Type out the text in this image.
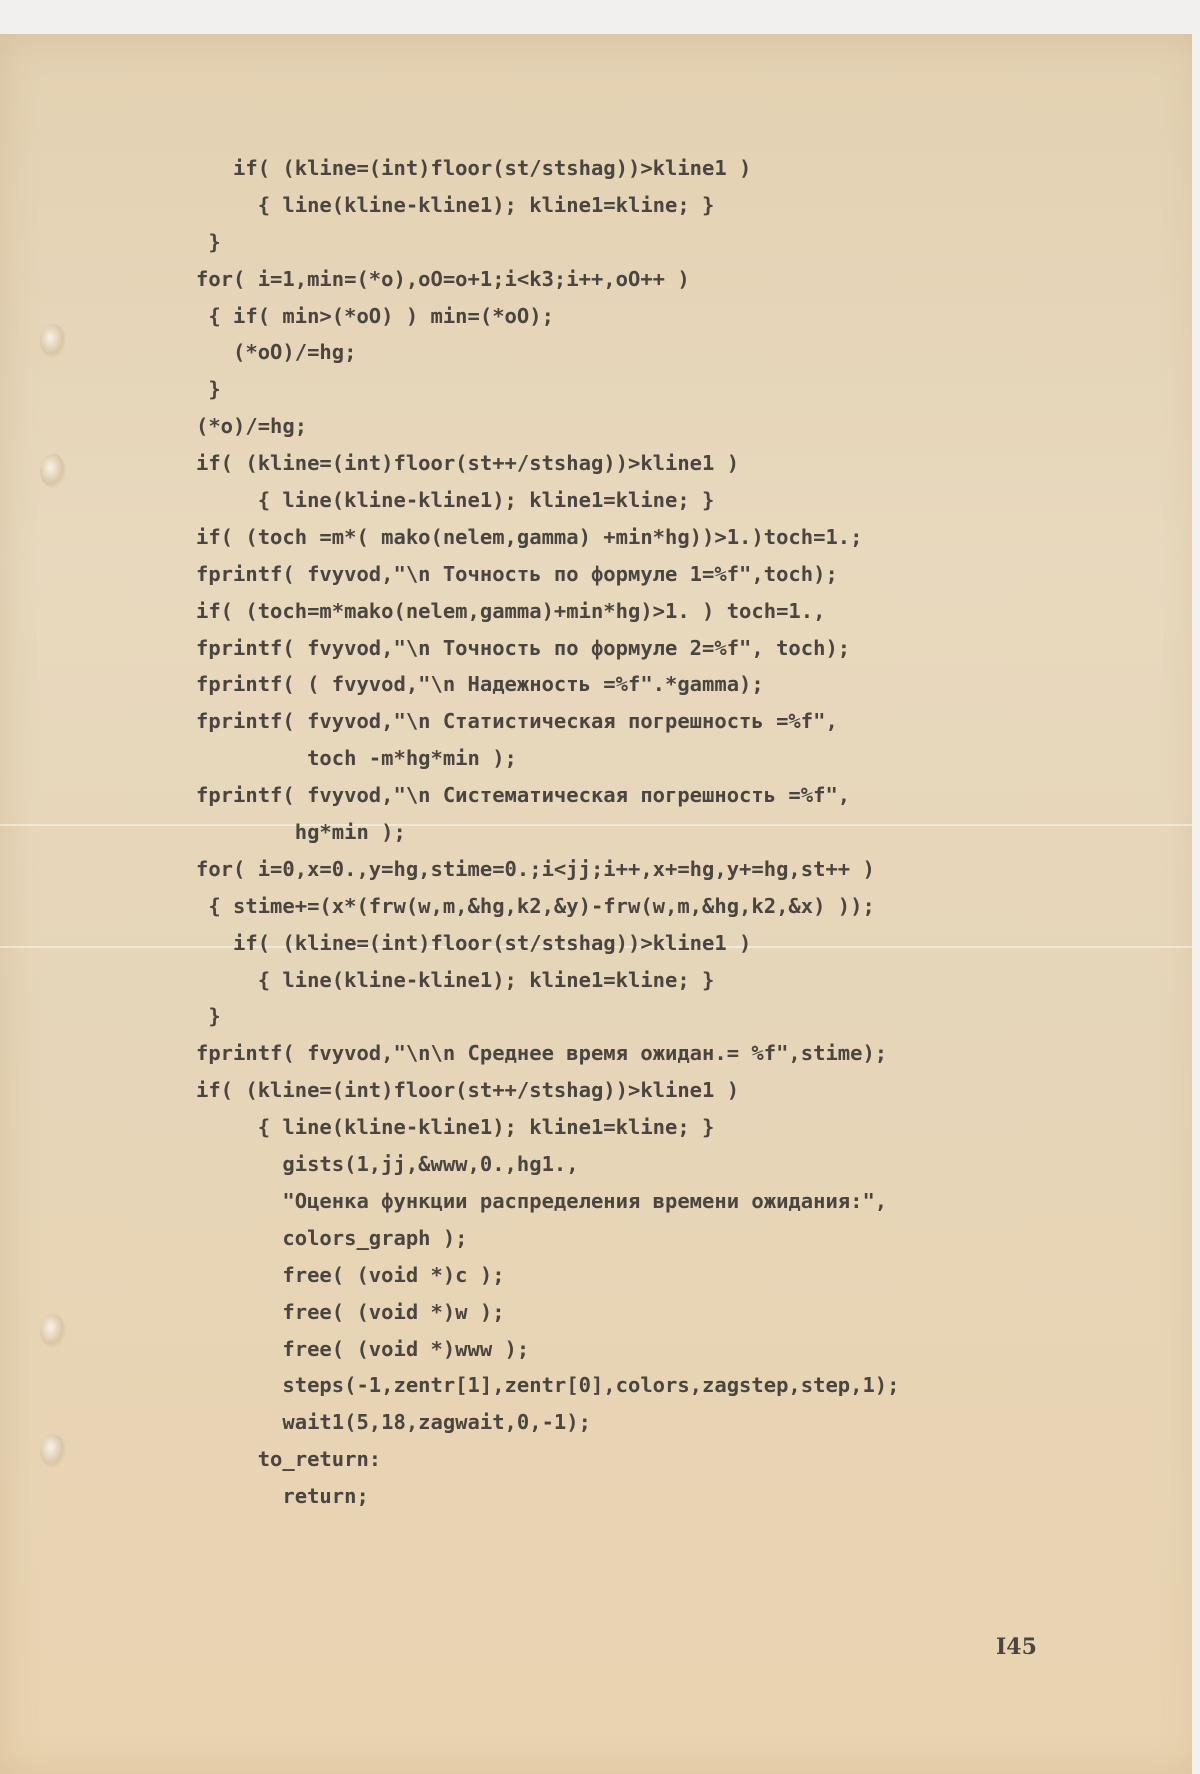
if( (kline=(int)floor(st/stshag))>kline1 )
{ line(kline-kline1); kline1=kline; }
}
for( i=1,min=(*o),oO=o+1;i<k3;i++,oO++ )
{ if( min>(*oO) ) min=(*oO);
(*oO)/=hg;
}
(*o)/=hg;
if( (kline=(int)floor(st++/stshag))>kline1 )
{ line(kline-kline1); kline1=kline; }
if( (toch =m*( mako(nelem,gamma) +min*hg))>1.)toch=1.;
fprintf( fvyvod,"\n Точность по формуле 1=%f",toch);
if( (toch=m*mako(nelem,gamma)+min*hg)>1. ) toch=1.,
fprintf( fvyvod,"\n Точность по формуле 2=%f", toch);
fprintf( ( fvyvod,"\n Надежность =%f".*gamma);
fprintf( fvyvod,"\n Статистическая погрешность =%f",
toch -m*hg*min );
fprintf( fvyvod,"\n Систематическая погрешность =%f",
hg*min );
for( i=0,x=0.,y=hg,stime=0.;i<jj;i++,x+=hg,y+=hg,st++ )
{ stime+=(x*(frw(w,m,&hg,k2,&y)-frw(w,m,&hg,k2,&x) ));
if( (kline=(int)floor(st/stshag))>kline1 )
{ line(kline-kline1); kline1=kline; }
}
fprintf( fvyvod,"\n\n Среднее время ожидан.= %f",stime);
if( (kline=(int)floor(st++/stshag))>kline1 )
{ line(kline-kline1); kline1=kline; }
gists(1,jj,&www,0.,hg1.,
"Оценка функции распределения времени ожидания:",
colors_graph );
free( (void *)c );
free( (void *)w );
free( (void *)www );
steps(-1,zentr[1],zentr[0],colors,zagstep,step,1);
wait1(5,18,zagwait,0,-1);
to_return:
return;
I45
